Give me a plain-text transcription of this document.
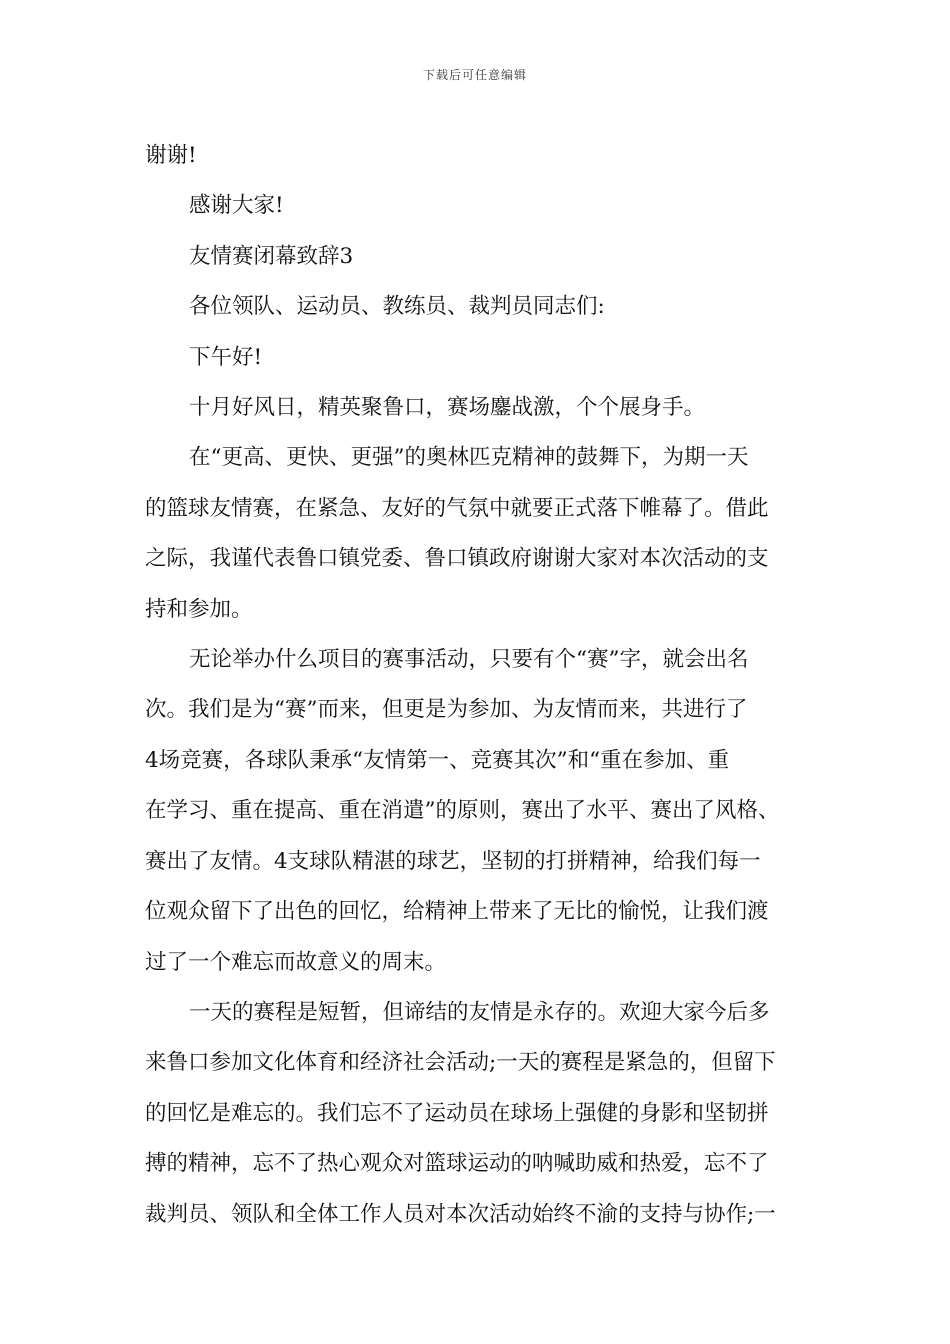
下载后可任意编辑

谢谢!

感谢大家!

友情赛闭幕致辞3

各位领队、运动员、教练员、裁判员同志们:

下午好!

十月好风日，精英聚鲁口，赛场鏖战激，个个展身手。

在“更高、更快、更强”的奥林匹克精神的鼓舞下，为期一天

的篮球友情赛，在紧急、友好的气氛中就要正式落下帷幕了。借此

之际，我谨代表鲁口镇党委、鲁口镇政府谢谢大家对本次活动的支

持和参加。

无论举办什么项目的赛事活动，只要有个“赛”字，就会出名

次。我们是为“赛”而来，但更是为参加、为友情而来，共进行了

4场竞赛，各球队秉承“友情第一、竞赛其次”和“重在参加、重

在学习、重在提高、重在消遣”的原则，赛出了水平、赛出了风格、

赛出了友情。4支球队精湛的球艺，坚韧的打拼精神，给我们每一

位观众留下了出色的回忆，给精神上带来了无比的愉悦，让我们渡

过了一个难忘而故意义的周末。

一天的赛程是短暂，但谛结的友情是永存的。欢迎大家今后多

来鲁口参加文化体育和经济社会活动;一天的赛程是紧急的，但留下

的回忆是难忘的。我们忘不了运动员在球场上强健的身影和坚韧拼

搏的精神，忘不了热心观众对篮球运动的呐喊助威和热爱，忘不了

裁判员、领队和全体工作人员对本次活动始终不渝的支持与协作;一
